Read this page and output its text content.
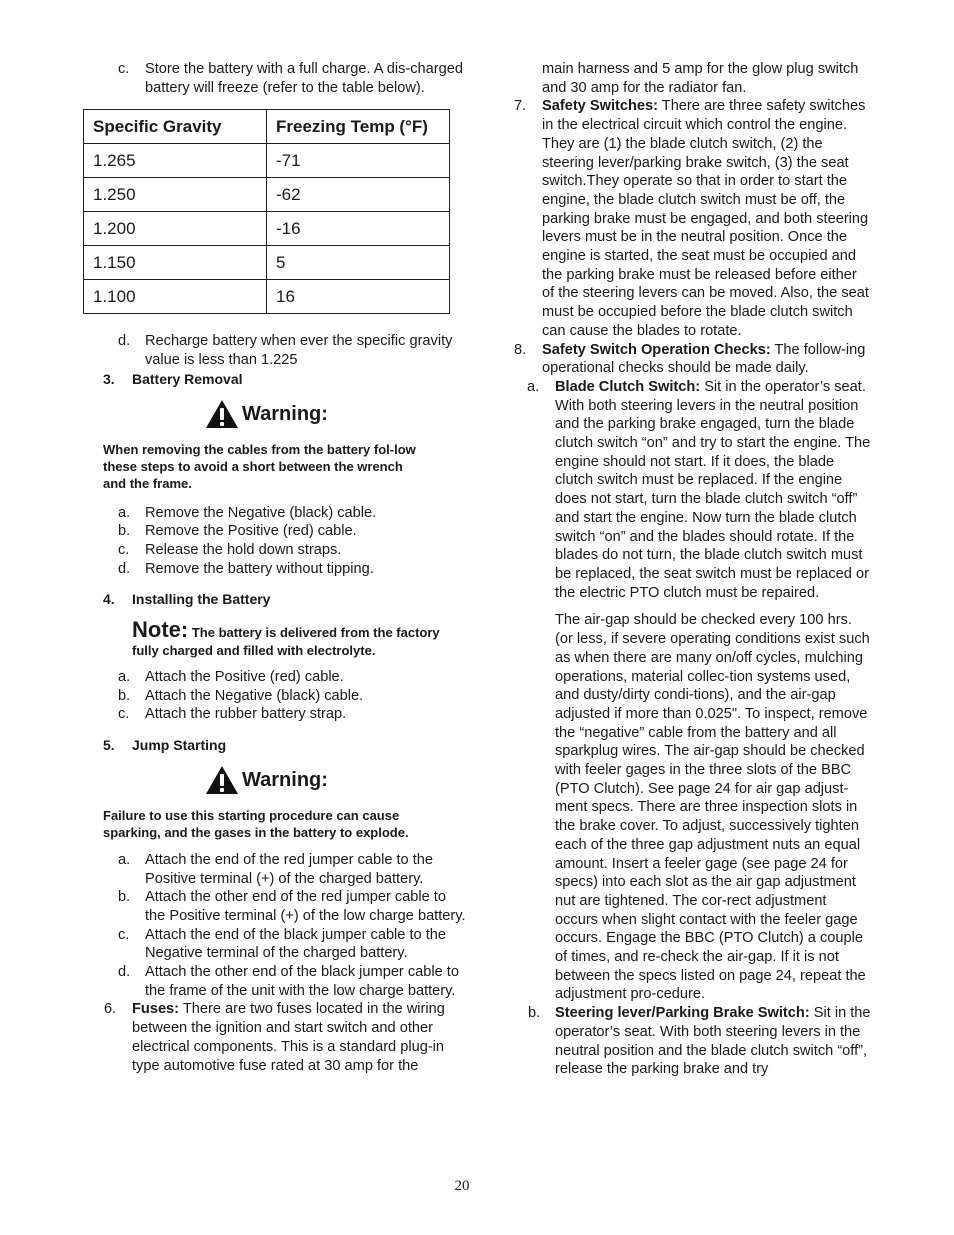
c. Store the battery with a full charge. A dis-charged battery will freeze (refer to the table below).
Specific Gravity	Freezing Temp (°F)
1.265	-71
1.250	-62
1.200	-16
1.150	5
1.100	16
d. Recharge battery when ever the specific gravity value is less than 1.225
3. Battery Removal
Warning:
When removing the cables from the battery fol-low these steps to avoid a short between the wrench and the frame.
a. Remove the Negative (black) cable.
b. Remove the Positive (red) cable.
c. Release the hold down straps.
d. Remove the battery without tipping.
4. Installing the Battery
Note: The battery is delivered from the factory fully charged and filled with electrolyte.
a. Attach the Positive (red) cable.
b. Attach the Negative (black) cable.
c. Attach the rubber battery strap.
5. Jump Starting
Warning:
Failure to use this starting procedure can cause sparking, and the gases in the battery to explode.
a. Attach the end of the red jumper cable to the Positive terminal (+) of the charged battery.
b. Attach the other end of the red jumper cable to the Positive terminal (+) of the low charge battery.
c. Attach the end of the black jumper cable to the Negative terminal of the charged battery.
d. Attach the other end of the black jumper cable to the frame of the unit with the low charge battery.
6. Fuses: There are two fuses located in the wiring between the ignition and start switch and other electrical components. This is a standard plug-in type automotive fuse rated at 30 amp for the
main harness and 5 amp for the glow plug switch and 30 amp for the radiator fan.
7. Safety Switches: There are three safety switches in the electrical circuit which control the engine. They are (1) the blade clutch switch, (2) the steering lever/parking brake switch, (3) the seat switch.They operate so that in order to start the engine, the blade clutch switch must be off, the parking brake must be engaged, and both steering levers must be in the neutral position. Once the engine is started, the seat must be occupied and the parking brake must be released before either of the steering levers can be moved. Also, the seat must be occupied before the blade clutch switch can cause the blades to rotate.
8. Safety Switch Operation Checks: The follow-ing operational checks should be made daily.
a. Blade Clutch Switch: Sit in the operator’s seat. With both steering levers in the neutral position and the parking brake engaged, turn the blade clutch switch “on” and try to start the engine. The engine should not start. If it does, the blade clutch switch must be replaced. If the engine does not start, turn the blade clutch switch “off” and start the engine. Now turn the blade clutch switch “on” and the blades should rotate. If the blades do not turn, the blade clutch switch must be replaced, the seat switch must be replaced or the electric PTO clutch must be repaired.
The air-gap should be checked every 100 hrs. (or less, if severe operating conditions exist such as when there are many on/off cycles, mulching operations, material collec-tion systems used, and dusty/dirty condi-tions), and the air-gap adjusted if more than 0.025". To inspect, remove the “negative” cable from the battery and all sparkplug wires. The air-gap should be checked with feeler gages in the three slots of the BBC (PTO Clutch). See page 24 for air gap adjust-ment specs. There are three inspection slots in the brake cover. To adjust, successively tighten each of the three gap adjustment nuts an equal amount. Insert a feeler gage (see page 24 for specs) into each slot as the air gap adjustment nut are tightened. The cor-rect adjustment occurs when slight contact with the feeler gage occurs. Engage the BBC (PTO Clutch) a couple of times, and re-check the air-gap. If it is not between the specs listed on page 24, repeat the adjustment pro-cedure.
b. Steering lever/Parking Brake Switch: Sit in the operator’s seat. With both steering levers in the neutral position and the blade clutch switch “off”, release the parking brake and try
20
